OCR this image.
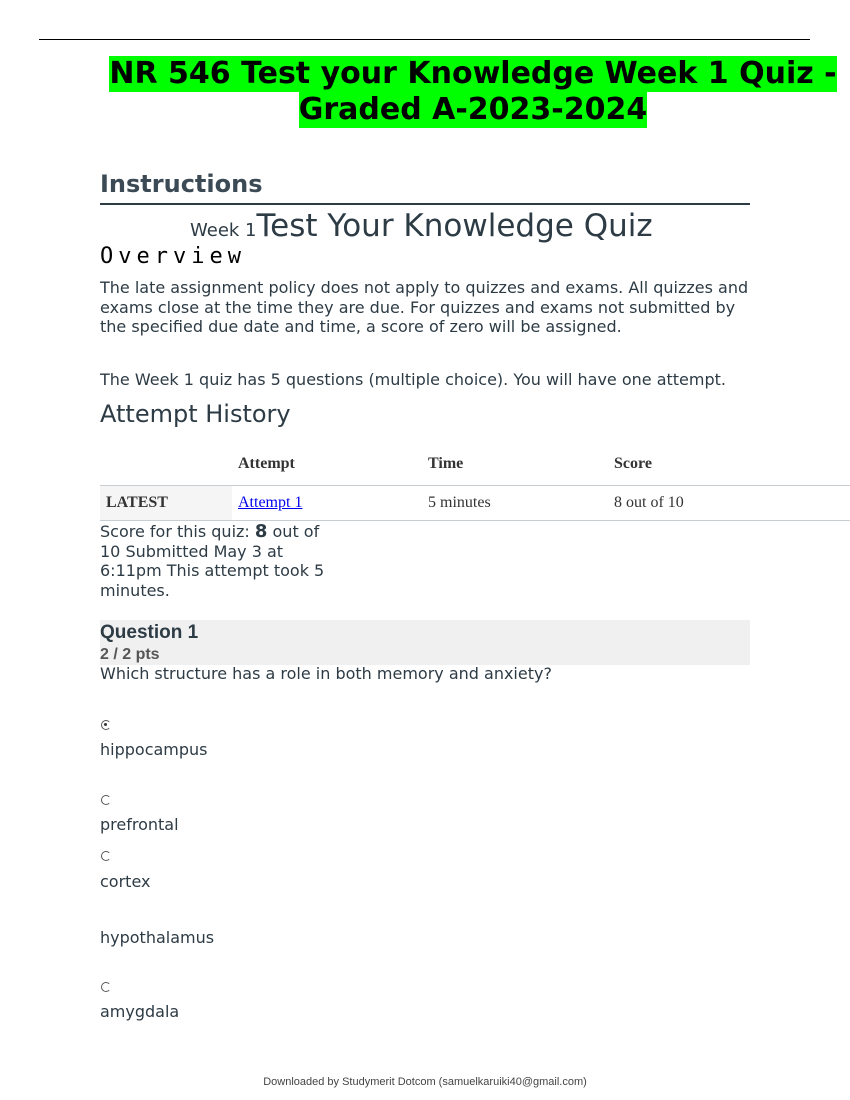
NR 546 Test your Knowledge Week 1 Quiz -
Graded A-2023-2024
Instructions
Week 1Test Your Knowledge Quiz
Overview

The late assignment policy does not apply to quizzes and exams. All quizzes and exams close at the time they are due. For quizzes and exams not submitted by the specified due date and time, a score of zero will be assigned.

The Week 1 quiz has 5 questions (multiple choice). You will have one attempt.

Attempt History
	Attempt	Time	Score
LATEST	Attempt 1	5 minutes	8 out of 10
Score for this quiz: 8 out of 10 Submitted May 3 at 6:11pm This attempt took 5 minutes.
Question 1
2 / 2 pts
Which structure has a role in both memory and anxiety?
hippocampus
prefrontal
cortex
hypothalamus
amygdala
Downloaded by Studymerit Dotcom (samuelkaruiki40@gmail.com)
